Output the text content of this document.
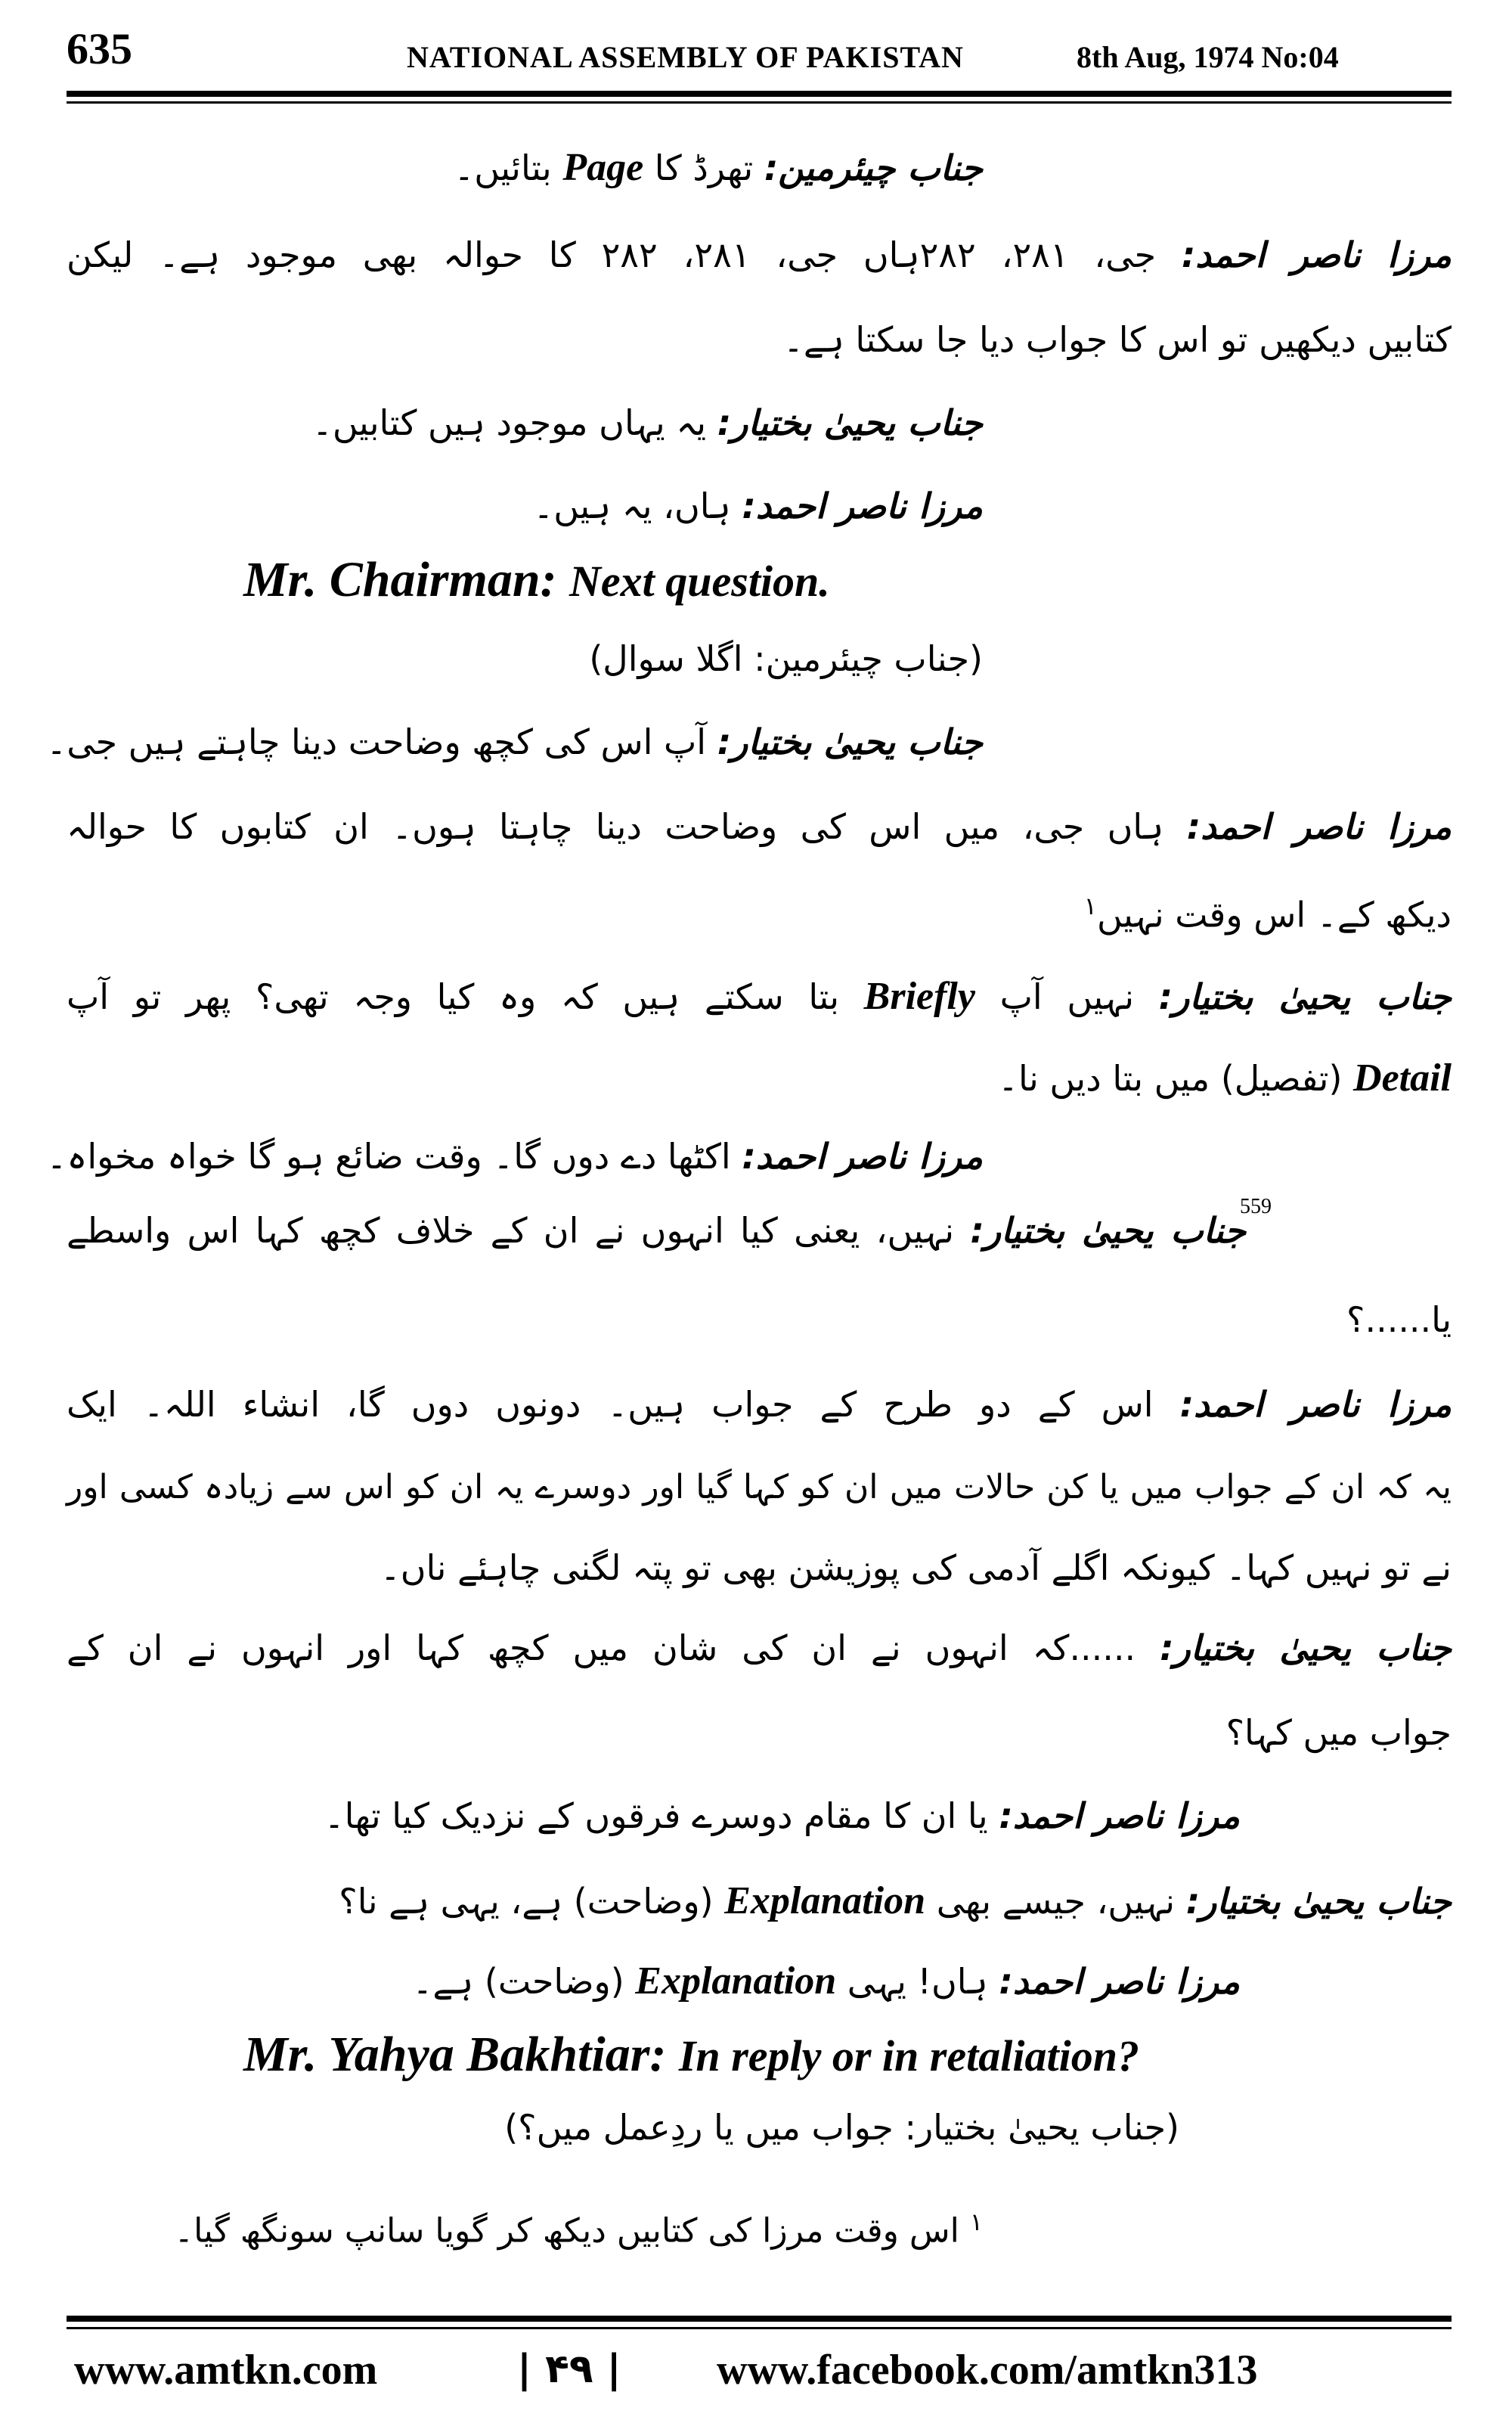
635	NATIONAL ASSEMBLY OF PAKISTAN	8th Aug, 1974 No:04
جناب چیئرمین: تھرڈ کا Page بتائیں۔
مرزا ناصر احمد: جی، ۲۸۱، ۲۸۲ہاں جی، ۲۸۱، ۲۸۲ کا حوالہ بھی موجود ہے۔ لیکن
کتابیں دیکھیں تو اس کا جواب دیا جا سکتا ہے۔
جناب یحییٰ بختیار: یہ یہاں موجود ہیں کتابیں۔
مرزا ناصر احمد: ہاں، یہ ہیں۔
Mr. Chairman: Next question.
(جناب چیئرمین: اگلا سوال)
جناب یحییٰ بختیار: آپ اس کی کچھ وضاحت دینا چاہتے ہیں جی۔
مرزا ناصر احمد: ہاں جی، میں اس کی وضاحت دینا چاہتا ہوں۔ ان کتابوں کا حوالہ
دیکھ کے۔ اس وقت نہیں$^۱$
جناب یحییٰ بختیار: نہیں آپ Briefly بتا سکتے ہیں کہ وہ کیا وجہ تھی؟ پھر تو آپ
Detail (تفصیل) میں بتا دیں نا۔
مرزا ناصر احمد: اکٹھا دے دوں گا۔ وقت ضائع ہو گا خواہ مخواہ۔
559
جناب یحییٰ بختیار: نہیں، یعنی کیا انہوں نے ان کے خلاف کچھ کہا اس واسطے
یا......؟
مرزا ناصر احمد: اس کے دو طرح کے جواب ہیں۔ دونوں دوں گا، انشاء اللہ۔ ایک
یہ کہ ان کے جواب میں یا کن حالات میں ان کو کہا گیا اور دوسرے یہ ان کو اس سے زیادہ کسی اور
نے تو نہیں کہا۔ کیونکہ اگلے آدمی کی پوزیشن بھی تو پتہ لگنی چاہئے ناں۔
جناب یحییٰ بختیار: ......کہ انہوں نے ان کی شان میں کچھ کہا اور انہوں نے ان کے
جواب میں کہا؟
مرزا ناصر احمد: یا ان کا مقام دوسرے فرقوں کے نزدیک کیا تھا۔
جناب یحییٰ بختیار: نہیں، جیسے بھی Explanation (وضاحت) ہے، یہی ہے نا؟
مرزا ناصر احمد: ہاں! یہی Explanation (وضاحت) ہے۔
Mr. Yahya Bakhtiar: In reply or in retaliation?
(جناب یحییٰ بختیار: جواب میں یا ردِعمل میں؟)
$^۱$ اس وقت مرزا کی کتابیں دیکھ کر گویا سانپ سونگھ گیا۔
www.amtkn.com	| ۴۹ | www.facebook.com/amtkn313
